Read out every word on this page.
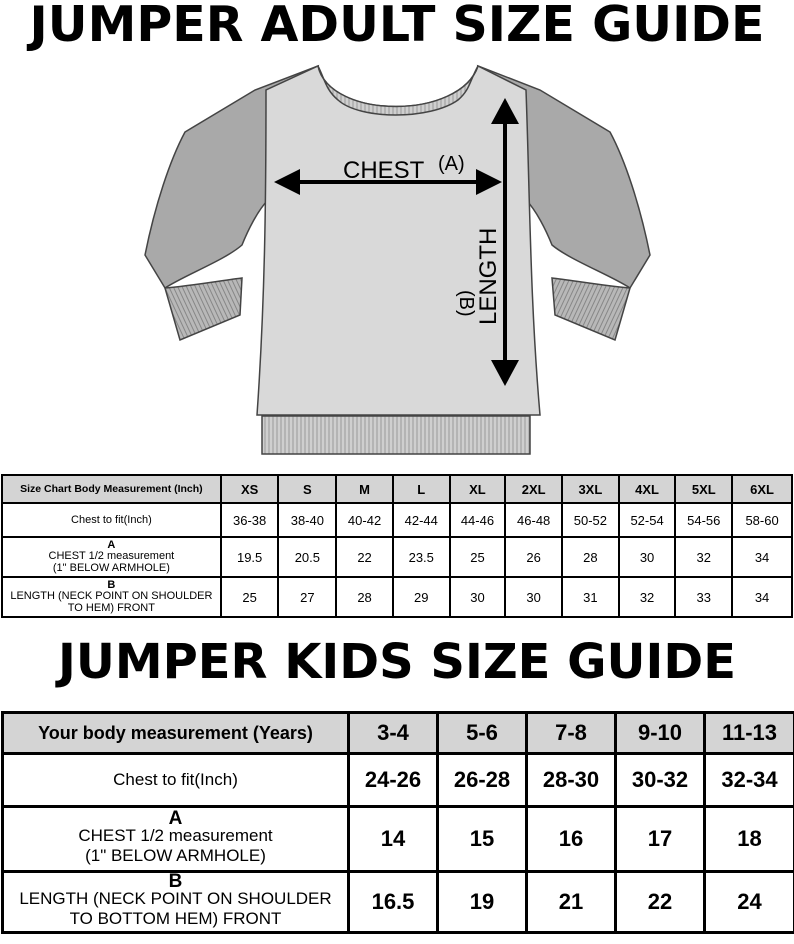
JUMPER ADULT SIZE GUIDE
CHEST (A)
LENGTH
(B)
Size Chart Body Measurement (Inch)	XS	S	M	L	XL	2XL	3XL	4XL	5XL	6XL
Chest to fit(Inch)	36-38	38-40	40-42	42-44	44-46	46-48	50-52	52-54	54-56	58-60

A
CHEST 1/2 measurement
(1" BELOW ARMHOLE)	19.5	20.5	22	23.5	25	26	28	30	32	34

B
LENGTH (NECK POINT ON SHOULDER
TO HEM) FRONT	25	27	28	29	30	30	31	32	33	34
JUMPER KIDS SIZE GUIDE
Your body measurement (Years)	3-4	5-6	7-8	9-10	11-13
Chest to fit(Inch)	24-26	26-28	28-30	30-32	32-34

A
CHEST 1/2 measurement
(1" BELOW ARMHOLE)	14	15	16	17	18

B
LENGTH (NECK POINT ON SHOULDER
TO BOTTOM HEM) FRONT	16.5	19	21	22	24
